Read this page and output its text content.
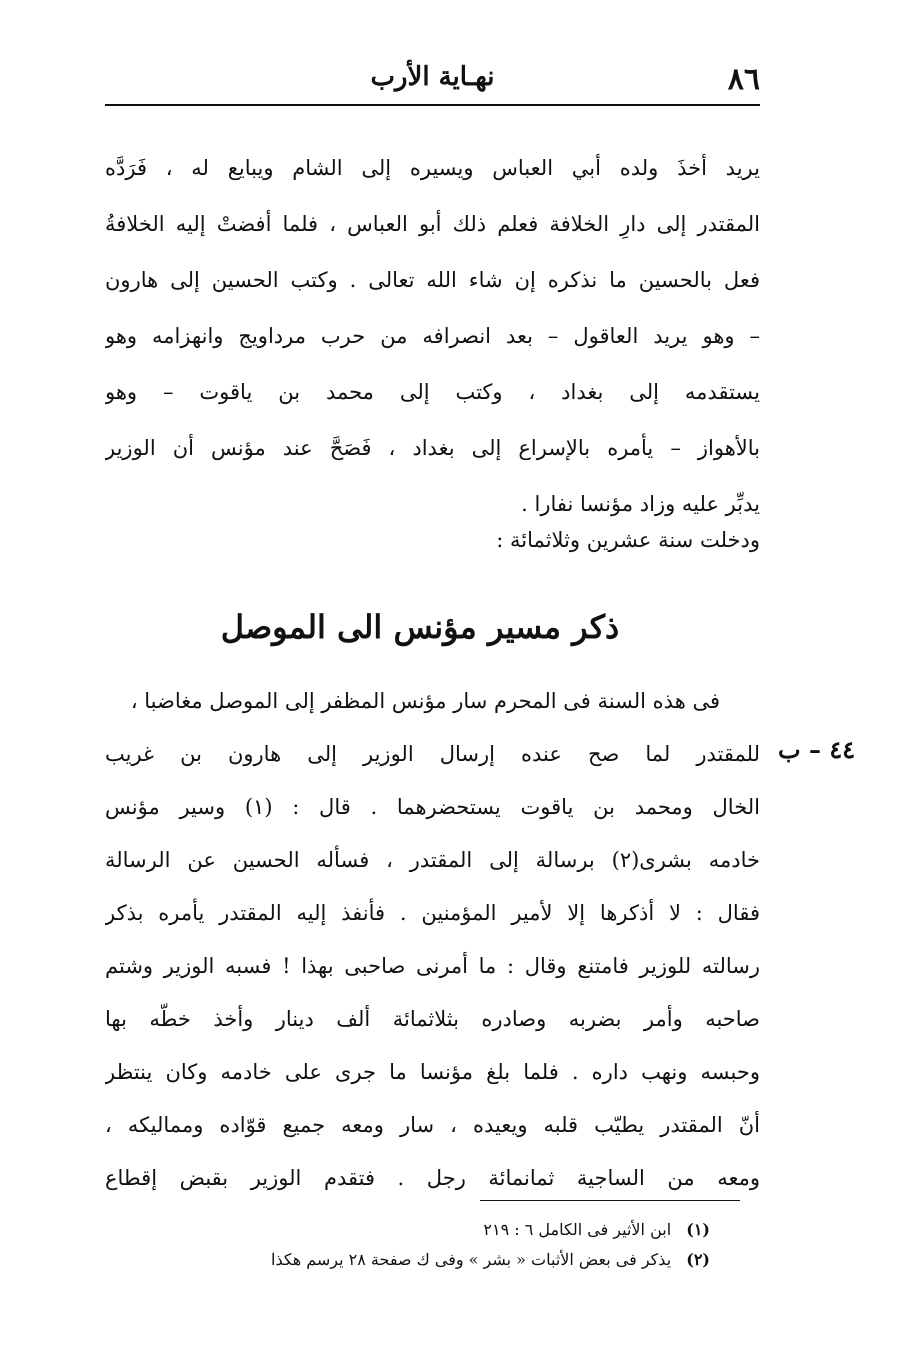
٨٦
نهـاية الأرب
يريد أخذَ ولده أبي العباس ويسيره إلى الشام ويبايع له ، فَرَدَّه
المقتدر إلى دارِ الخلافة فعلم ذلك أبو العباس ، فلما أفضتْ إليه الخلافةُ
فعل بالحسين ما نذكره إن شاء الله تعالى . وكتب الحسين إلى هارون
– وهو يريد العاقول – بعد انصرافه من حرب مرداويج وانهزامه وهو
يستقدمه إلى بغداد ، وكتب إلى محمد بن ياقوت – وهو
بالأهواز – يأمره بالإسراع إلى بغداد ، فَصَحَّ عند مؤنس أن الوزير
يدبِّر عليه وزاد مؤنسا نفارا .
ودخلت سنة عشرين وثلاثمائة :
ذكر مسير مؤنس الى الموصل
٤٤ – ب
فى هذه السنة فى المحرم سار مؤنس المظفر إلى الموصل مغاضبا ،
للمقتدر لما صح عنده إرسال الوزير إلى هارون بن غريب
الخال ومحمد بن ياقوت يستحضرهما . قال : (١) وسير مؤنس
خادمه بشرى(٢) برسالة إلى المقتدر ، فسأله الحسين عن الرسالة
فقال : لا أذكرها إلا لأمير المؤمنين . فأنفذ إليه المقتدر يأمره بذكر
رسالته للوزير فامتنع وقال : ما أمرنى صاحبى بهذا ! فسبه الوزير وشتم
صاحبه وأمر بضربه وصادره بثلاثمائة ألف دينار وأخذ خطّه بها
وحبسه ونهب داره . فلما بلغ مؤنسا ما جرى على خادمه وكان ينتظر
أنّ المقتدر يطيّب قلبه ويعيده ، سار ومعه جميع قوّاده ومماليكه ،
ومعه من الساجية ثمانمائة رجل . فتقدم الوزير بقبض إقطاع
(١) ابن الأثير فى الكامل ٦ : ٢١٩
(٢) يذكر فى بعض الأثبات « بشر » وفى ك صفحة ٢٨ يرسم هكذا
